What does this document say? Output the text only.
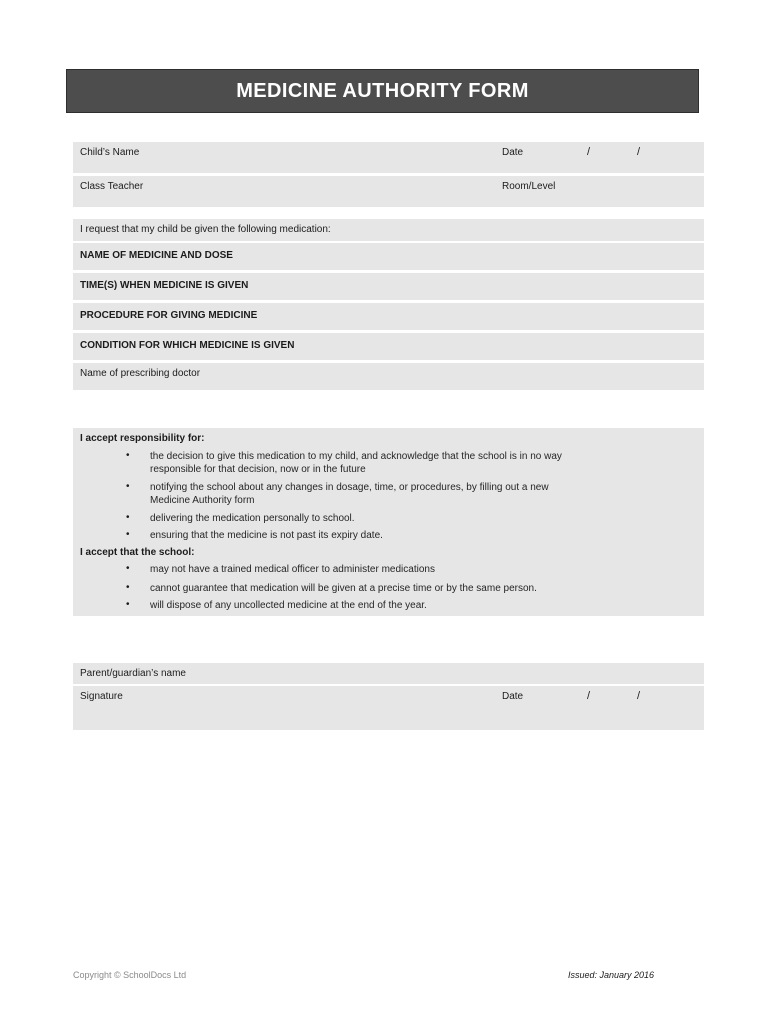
MEDICINE AUTHORITY FORM
Child’s Name	Date	/	/
Class Teacher	Room/Level
I request that my child be given the following medication:
NAME OF MEDICINE AND DOSE
TIME(S) WHEN MEDICINE IS GIVEN
PROCEDURE FOR GIVING MEDICINE
CONDITION FOR WHICH MEDICINE IS GIVEN
Name of prescribing doctor
I accept responsibility for:
• the decision to give this medication to my child, and acknowledge that the school is in no way responsible for that decision, now or in the future
• notifying the school about any changes in dosage, time, or procedures, by filling out a new Medicine Authority form
• delivering the medication personally to school.
• ensuring that the medicine is not past its expiry date.
I accept that the school:
• may not have a trained medical officer to administer medications
• cannot guarantee that medication will be given at a precise time or by the same person.
• will dispose of any uncollected medicine at the end of the year.
Parent/guardian’s name
Signature	Date	/	/
Copyright © SchoolDocs Ltd	Issued: January 2016
